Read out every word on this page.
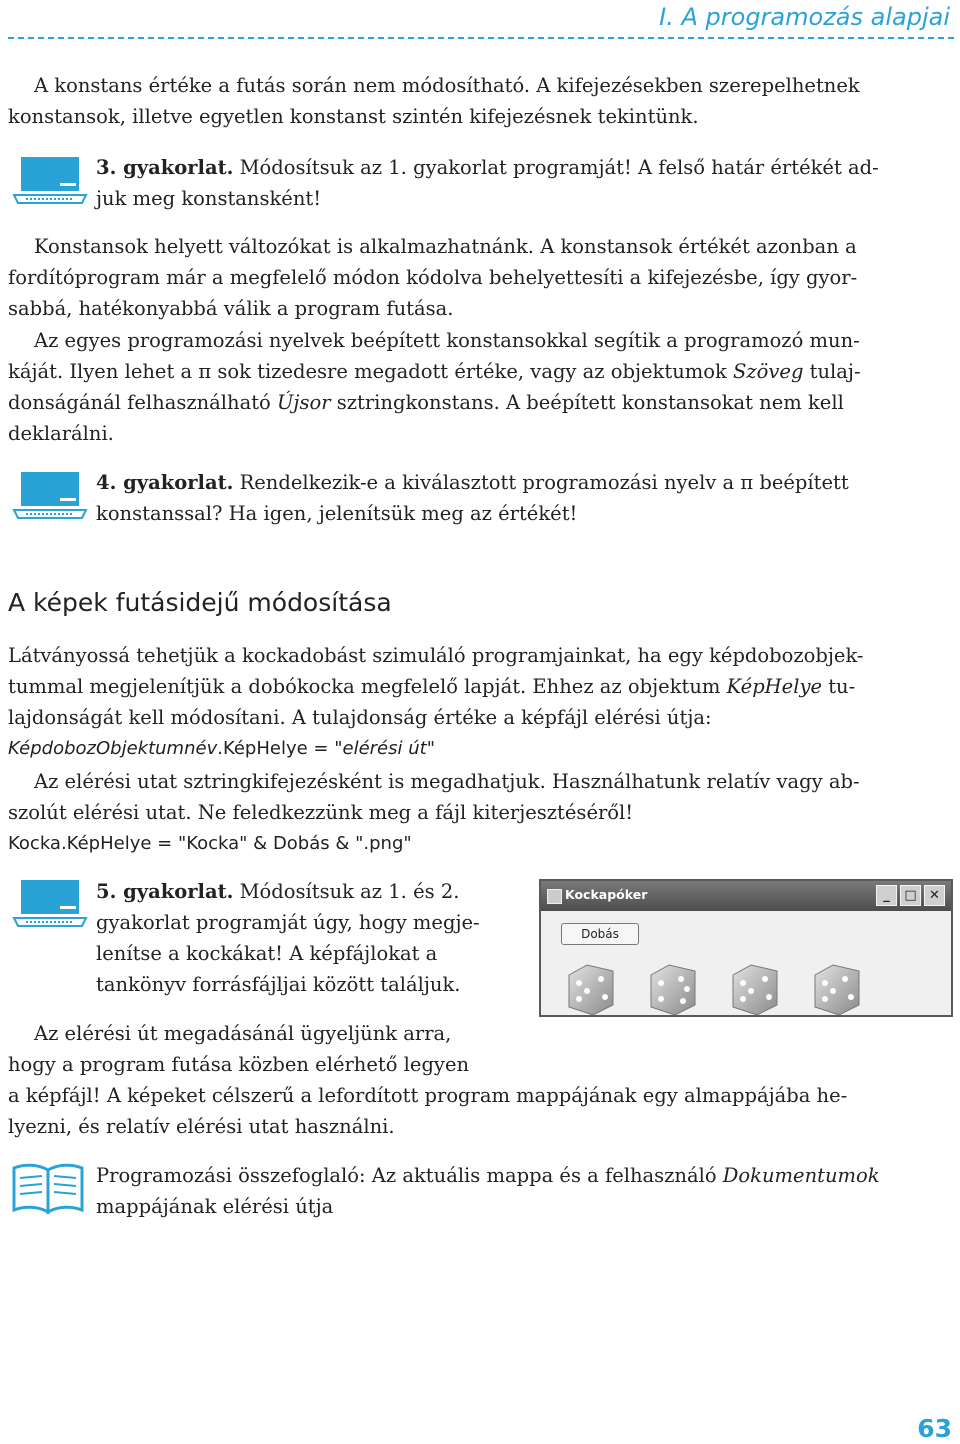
I. A programozás alapjai
A konstans értéke a futás során nem módosítható. A kifejezésekben szerepelhetnek
konstansok, illetve egyetlen konstanst szintén kifejezésnek tekintünk.
3. gyakorlat. Módosítsuk az 1. gyakorlat programját! A felső határ értékét ad-
juk meg konstansként!
Konstansok helyett változókat is alkalmazhatnánk. A konstansok értékét azonban a
fordítóprogram már a megfelelő módon kódolva behelyettesíti a kifejezésbe, így gyor-
sabbá, hatékonyabbá válik a program futása.
Az egyes programozási nyelvek beépített konstansokkal segítik a programozó mun-
káját. Ilyen lehet a π sok tizedesre megadott értéke, vagy az objektumok Szöveg tulaj-
donságánál felhasználható Újsor sztringkonstans. A beépített konstansokat nem kell
deklarálni.
4. gyakorlat. Rendelkezik-e a kiválasztott programozási nyelv a π beépített
konstanssal? Ha igen, jelenítsük meg az értékét!
A képek futásidejű módosítása
Látványossá tehetjük a kockadobást szimuláló programjainkat, ha egy képdobozobjek-
tummal megjelenítjük a dobókocka megfelelő lapját. Ehhez az objektum KépHelye tu-
lajdonságát kell módosítani. A tulajdonság értéke a képfájl elérési útja:
KépdobozObjektumnév.KépHelye = "elérési út"
Az elérési utat sztringkifejezésként is megadhatjuk. Használhatunk relatív vagy ab-
szolút elérési utat. Ne feledkezzünk meg a fájl kiterjesztéséről!
Kocka.KépHelye = "Kocka" & Dobás & ".png"
5. gyakorlat. Módosítsuk az 1. és 2.
gyakorlat programját úgy, hogy megje-
lenítse a kockákat! A képfájlokat a
tankönyv forrásfájljai között találjuk.
Kockapóker	_	□ ✕
Dobás
Az elérési út megadásánál ügyeljünk arra,
hogy a program futása közben elérhető legyen
a képfájl! A képeket célszerű a lefordított program mappájának egy almappájába he-
lyezni, és relatív elérési utat használni.
Programozási összefoglaló: Az aktuális mappa és a felhasználó Dokumentumok
mappájának elérési útja
63
